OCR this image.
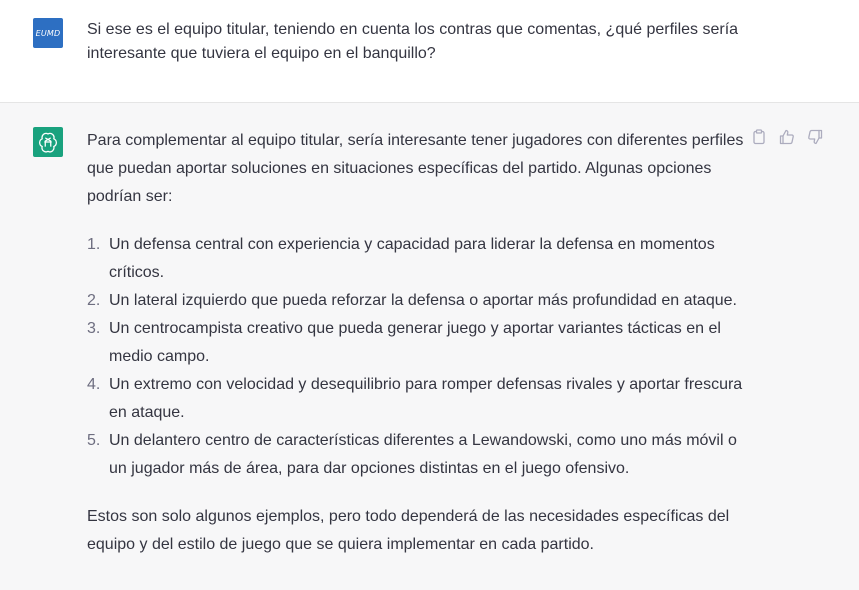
EUMD Si ese es el equipo titular, teniendo en cuenta los contras que comentas, ¿qué perfiles sería interesante que tuviera el equipo en el banquillo?

Para complementar al equipo titular, sería interesante tener jugadores con diferentes perfiles que puedan aportar soluciones en situaciones específicas del partido. Algunas opciones podrían ser:

1. Un defensa central con experiencia y capacidad para liderar la defensa en momentos críticos.
2. Un lateral izquierdo que pueda reforzar la defensa o aportar más profundidad en ataque.
3. Un centrocampista creativo que pueda generar juego y aportar variantes tácticas en el medio campo.
4. Un extremo con velocidad y desequilibrio para romper defensas rivales y aportar frescura en ataque.
5. Un delantero centro de características diferentes a Lewandowski, como uno más móvil o un jugador más de área, para dar opciones distintas en el juego ofensivo.

Estos son solo algunos ejemplos, pero todo dependerá de las necesidades específicas del equipo y del estilo de juego que se quiera implementar en cada partido.
